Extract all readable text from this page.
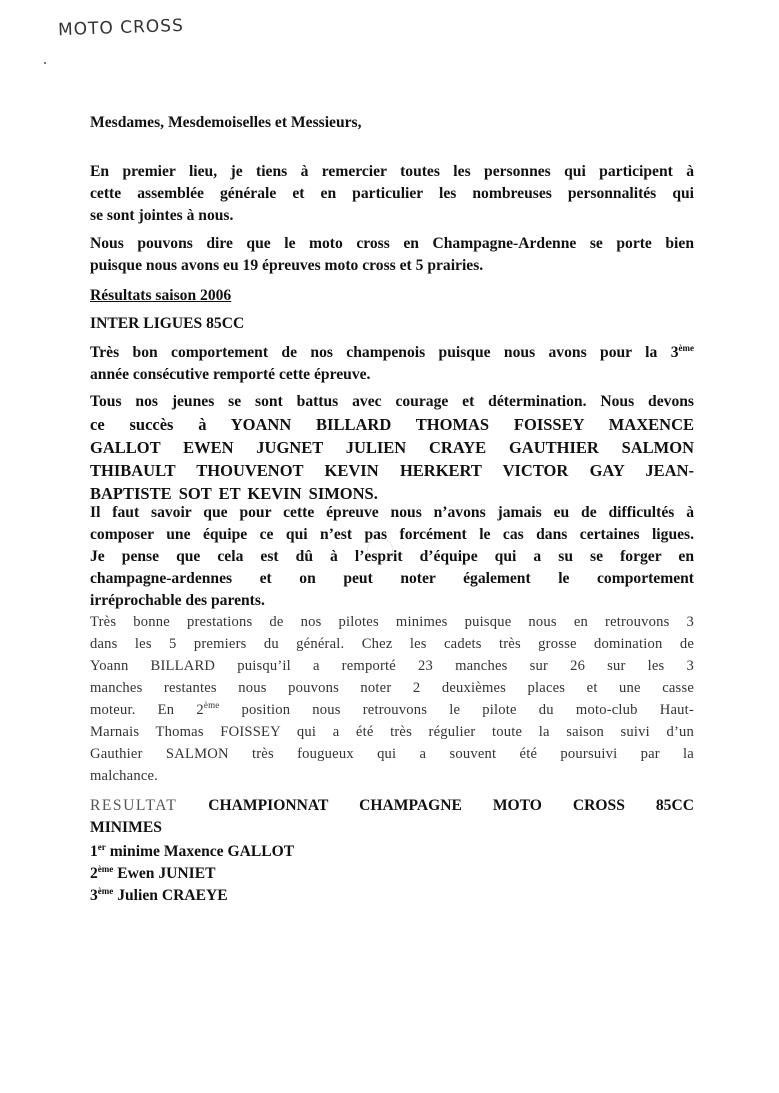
MOTO CROSS
Mesdames, Mesdemoiselles et Messieurs,
En premier lieu, je tiens à remercier toutes les personnes qui participent à
cette assemblée générale et en particulier les nombreuses personnalités qui
se sont jointes à nous.
Nous pouvons dire que le moto cross en Champagne-Ardenne se porte bien
puisque nous avons eu 19 épreuves moto cross et 5 prairies.
Résultats saison 2006
INTER LIGUES 85CC
Très bon comportement de nos champenois puisque nous avons pour la 3ème
année consécutive remporté cette épreuve.
Tous nos jeunes se sont battus avec courage et détermination. Nous devons
ce succès à YOANN BILLARD THOMAS FOISSEY MAXENCE
GALLOT EWEN JUGNET JULIEN CRAYE GAUTHIER SALMON
THIBAULT THOUVENOT KEVIN HERKERT VICTOR GAY JEAN-
BAPTISTE SOT ET KEVIN SIMONS.
Il faut savoir que pour cette épreuve nous n’avons jamais eu de difficultés à
composer une équipe ce qui n’est pas forcément le cas dans certaines ligues.
Je pense que cela est dû à l’esprit d’équipe qui a su se forger en
champagne-ardennes et on peut noter également le comportement
irréprochable des parents.
Très bonne prestations de nos pilotes minimes puisque nous en retrouvons 3
dans les 5 premiers du général. Chez les cadets très grosse domination de
Yoann BILLARD puisqu’il a remporté 23 manches sur 26 sur les 3
manches restantes nous pouvons noter 2 deuxièmes places et une casse
moteur. En 2ème position nous retrouvons le pilote du moto-club Haut-
Marnais Thomas FOISSEY qui a été très régulier toute la saison suivi d’un
Gauthier SALMON très fougueux qui a souvent été poursuivi par la
malchance.
RESULTAT CHAMPIONNAT CHAMPAGNE MOTO CROSS 85CC
MINIMES
1er minime Maxence GALLOT
2ème Ewen JUNIET
3ème Julien CRAEYE
